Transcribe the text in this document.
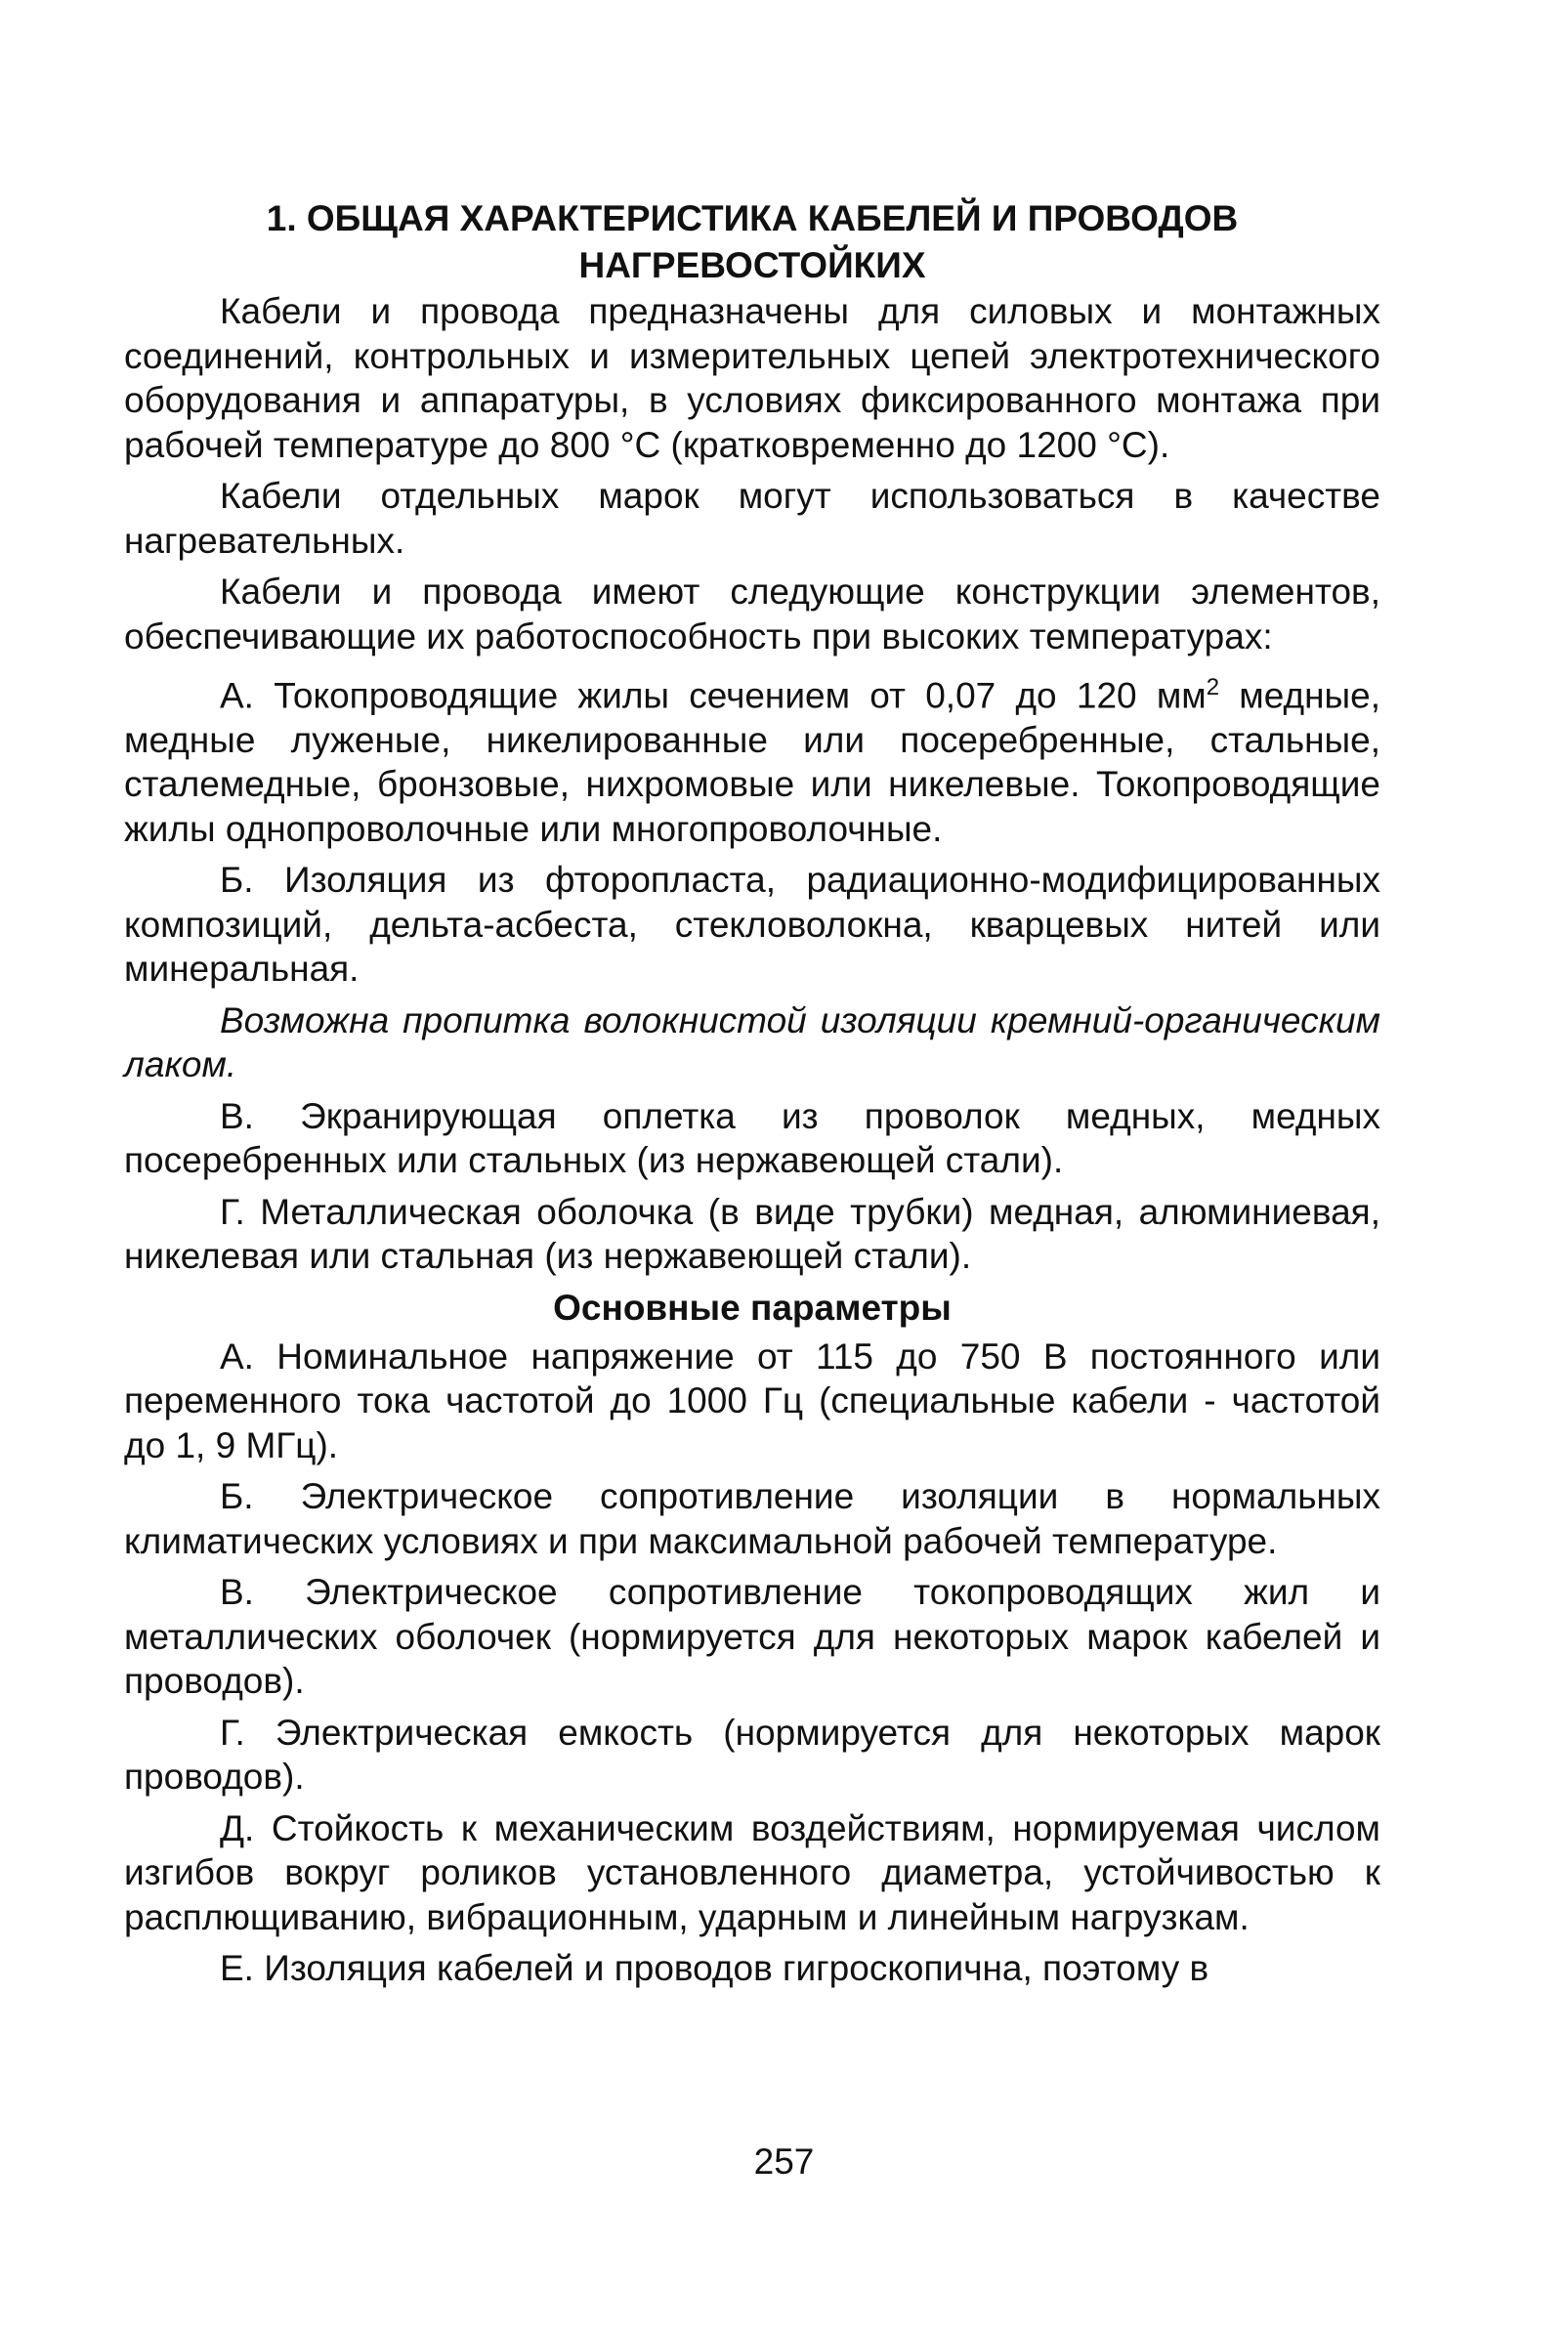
1. ОБЩАЯ ХАРАКТЕРИСТИКА КАБЕЛЕЙ И ПРОВОДОВ
НАГРЕВОСТОЙКИХ

Кабели и провода предназначены для силовых и монтажных соединений, контрольных и измерительных цепей электротехнического оборудования и аппаратуры, в условиях фиксированного монтажа при рабочей температуре до 800 °С (кратковременно до 1200 °С).

Кабели отдельных марок могут использоваться в качестве нагревательных.

Кабели и провода имеют следующие конструкции элементов, обеспечивающие их работоспособность при высоких температурах:

А. Токопроводящие жилы сечением от 0,07 до 120 $мм^2$ медные, медные луженые, никелированные или посеребренные, стальные, сталемедные, бронзовые, нихромовые или никелевые. Токопроводящие жилы однопроволочные или многопроволочные.

Б. Изоляция из фторопласта, радиационно-модифицированных композиций, дельта-асбеста, стекловолокна, кварцевых нитей или минеральная.

Возможна пропитка волокнистой изоляции кремний-органическим лаком.

В. Экранирующая оплетка из проволок медных, медных посеребренных или стальных (из нержавеющей стали).

Г. Металлическая оболочка (в виде трубки) медная, алюминиевая, никелевая или стальная (из нержавеющей стали).

Основные параметры

А. Номинальное напряжение от 115 до 750 В постоянного или переменного тока частотой до 1000 Гц (специальные кабели - частотой до 1, 9 МГц).

Б. Электрическое сопротивление изоляции в нормальных климатических условиях и при максимальной рабочей температуре.

В. Электрическое сопротивление токопроводящих жил и металлических оболочек (нормируется для некоторых марок кабелей и проводов).

Г. Электрическая емкость (нормируется для некоторых марок проводов).

Д. Стойкость к механическим воздействиям, нормируемая числом изгибов вокруг роликов установленного диаметра, устойчивостью к расплющиванию, вибрационным, ударным и линейным нагрузкам.

Е. Изоляция кабелей и проводов гигроскопична, поэтому в

257
